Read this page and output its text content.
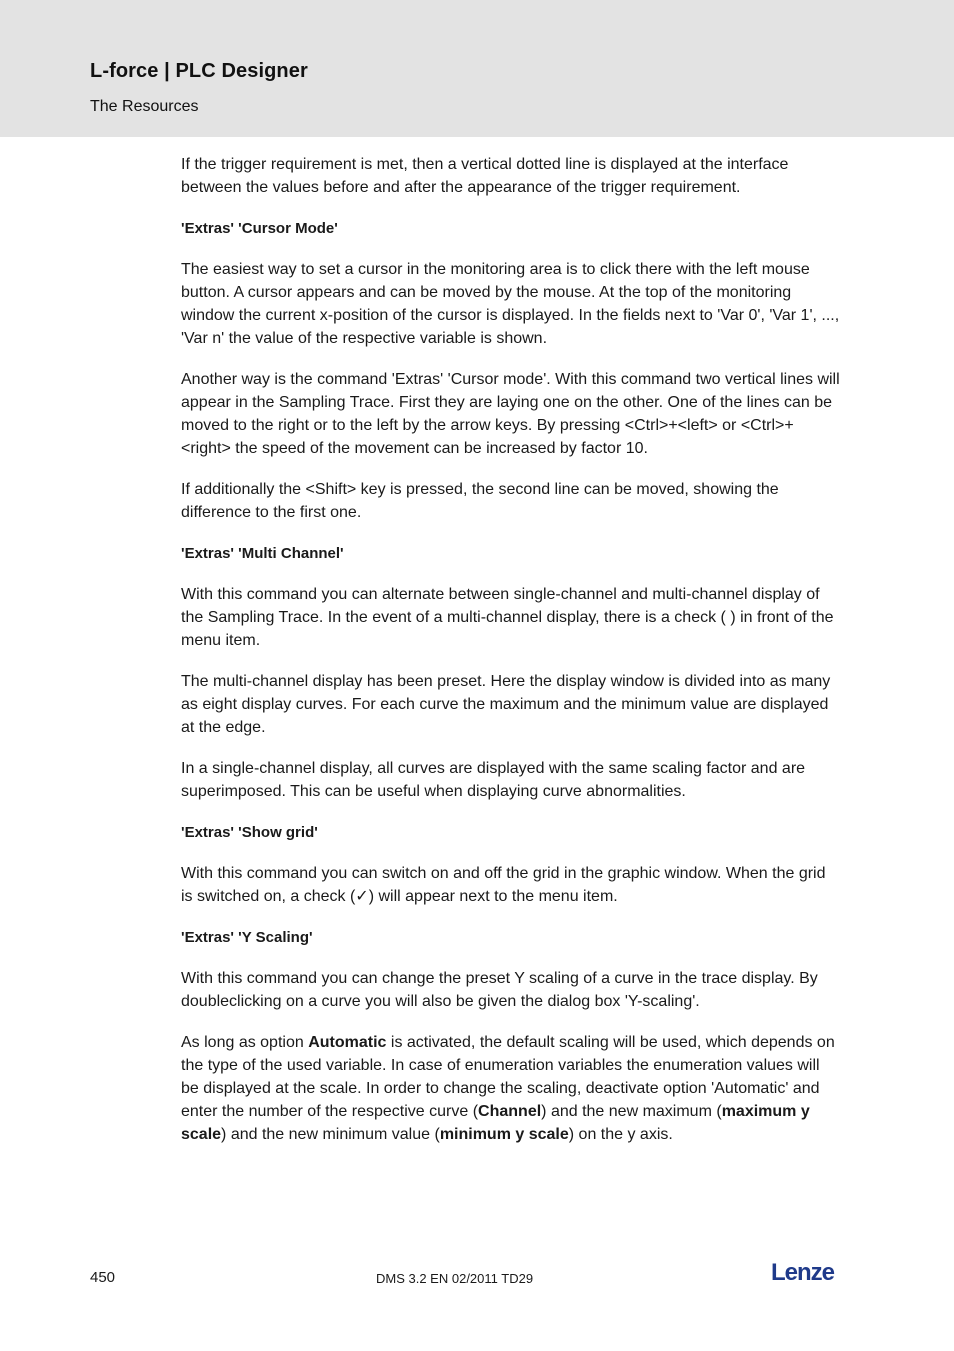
L-force | PLC Designer
The Resources

If the trigger requirement is met, then a vertical dotted line is displayed at the interface between the values before and after the appearance of the trigger requirement.

'Extras' 'Cursor Mode'

The easiest way to set a cursor in the monitoring area is to click there with the left mouse button. A cursor appears and can be moved by the mouse. At the top of the monitoring window the current x-position of the cursor is displayed. In the fields next to 'Var 0', 'Var 1', ..., 'Var n' the value of the respective variable is shown.

Another way is the command 'Extras' 'Cursor mode'. With this command two vertical lines will appear in the Sampling Trace. First they are laying one on the other. One of the lines can be moved to the right or to the left by the arrow keys. By pressing <Ctrl>+<left> or <Ctrl>+<right> the speed of the movement can be increased by factor 10.

If additionally the <Shift> key is pressed, the second line can be moved, showing the difference to the first one.

'Extras' 'Multi Channel'

With this command you can alternate between single-channel and multi-channel display of the Sampling Trace. In the event of a multi-channel display, there is a check ( ) in front of the menu item.

The multi-channel display has been preset. Here the display window is divided into as many as eight display curves. For each curve the maximum and the minimum value are displayed at the edge.

In a single-channel display, all curves are displayed with the same scaling factor and are superimposed. This can be useful when displaying curve abnormalities.

'Extras' 'Show grid'

With this command you can switch on and off the grid in the graphic window. When the grid is switched on, a check (✓) will appear next to the menu item.

'Extras' 'Y Scaling'

With this command you can change the preset Y scaling of a curve in the trace display. By doubleclicking on a curve you will also be given the dialog box 'Y-scaling'.

As long as option Automatic is activated, the default scaling will be used, which depends on the type of the used variable. In case of enumeration variables the enumeration values will be displayed at the scale. In order to change the scaling, deactivate option 'Automatic' and enter the number of the respective curve (Channel) and the new maximum (maximum y scale) and the new minimum value (minimum y scale) on the y axis.

450	DMS 3.2 EN 02/2011 TD29	Lenze
